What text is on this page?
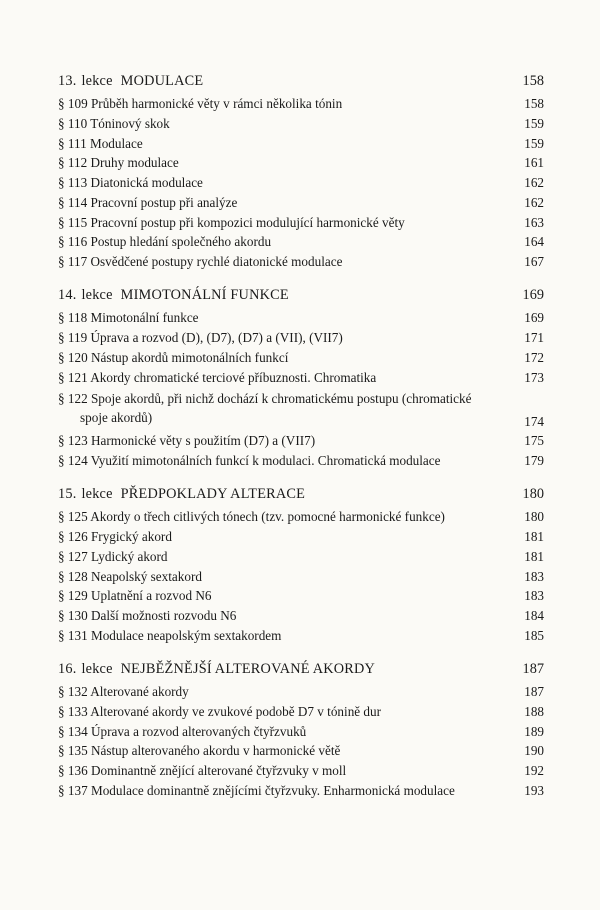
13. lekce MODULACE	158
§ 109 Průběh harmonické věty v rámci několika tónin	158
§ 110 Tóninový skok	159
§ 111 Modulace	159
§ 112 Druhy modulace	161
§ 113 Diatonická modulace	162
§ 114 Pracovní postup při analýze	162
§ 115 Pracovní postup při kompozici modulující harmonické věty	163
§ 116 Postup hledání společného akordu	164
§ 117 Osvědčené postupy rychlé diatonické modulace	167
14. lekce MIMOTONÁLNÍ FUNKCE	169
§ 118 Mimotonální funkce	169
§ 119 Úprava a rozvod (D), (D7), (D7) a (VII), (VII7)	171
§ 120 Nástup akordů mimotonálních funkcí	172
§ 121 Akordy chromatické terciové příbuznosti. Chromatika	173
§ 122 Spoje akordů, při nichž dochází k chromatickému postupu (chromatické
spoje akordů)	174
§ 123 Harmonické věty s použitím (D7) a (VII7)	175
§ 124 Využití mimotonálních funkcí k modulaci. Chromatická modulace	179
15. lekce PŘEDPOKLADY ALTERACE	180
§ 125 Akordy o třech citlivých tónech (tzv. pomocné harmonické funkce)	180
§ 126 Frygický akord	181
§ 127 Lydický akord	181
§ 128 Neapolský sextakord	183
§ 129 Uplatnění a rozvod N6	183
§ 130 Další možnosti rozvodu N6	184
§ 131 Modulace neapolským sextakordem	185
16. lekce NEJBĚŽNĚJŠÍ ALTEROVANÉ AKORDY	187
§ 132 Alterované akordy	187
§ 133 Alterované akordy ve zvukové podobě D7 v tónině dur	188
§ 134 Úprava a rozvod alterovaných čtyřzvuků	189
§ 135 Nástup alterovaného akordu v harmonické větě	190
§ 136 Dominantně znějící alterované čtyřzvuky v moll	192
§ 137 Modulace dominantně znějícími čtyřzvuky. Enharmonická modulace	193
